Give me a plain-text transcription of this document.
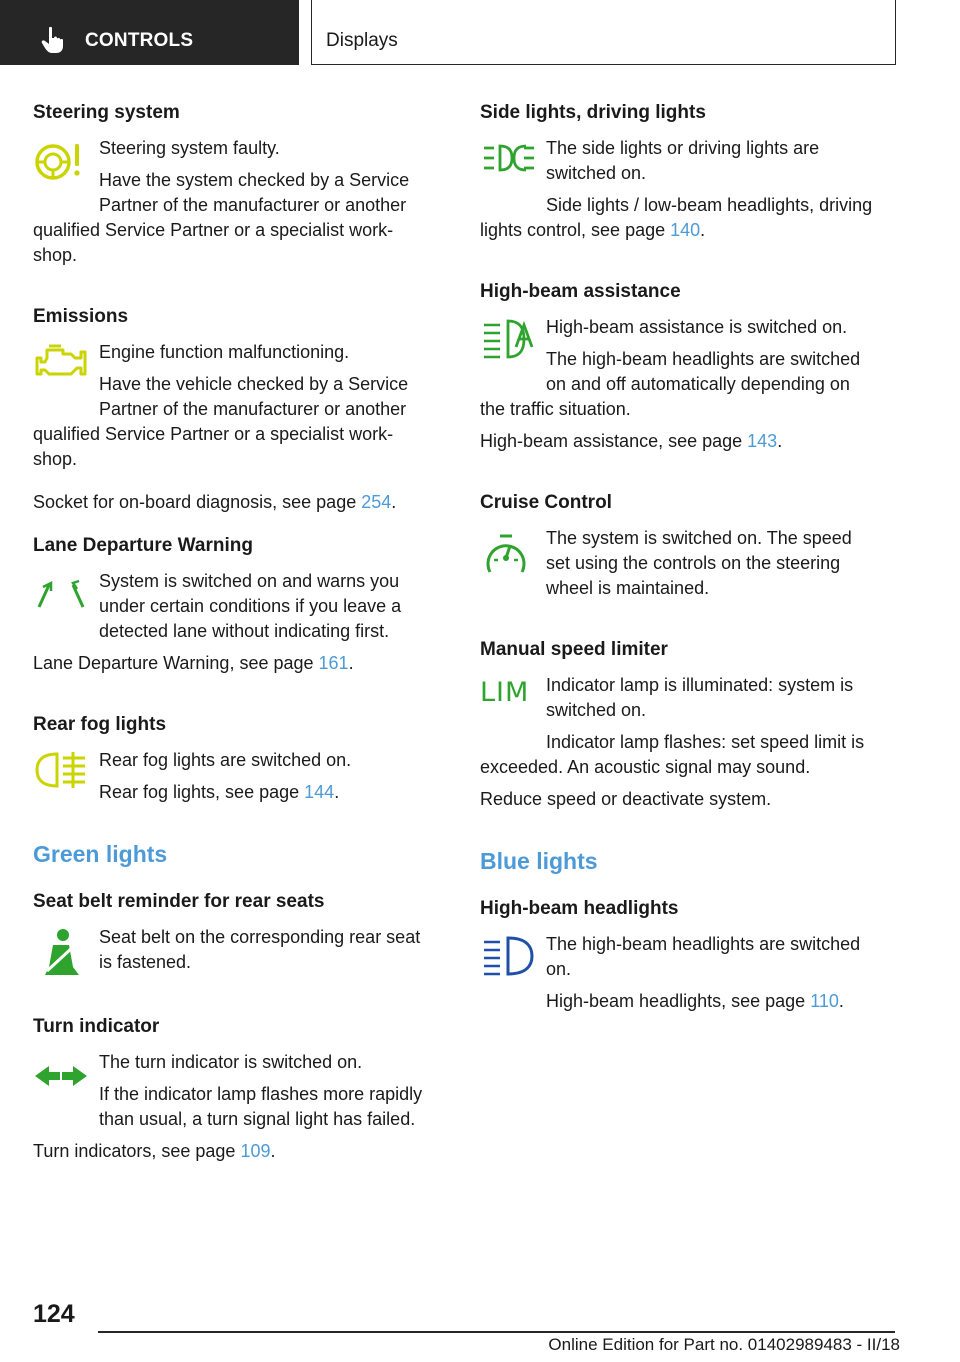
CONTROLS	Displays
Steering system

Steering system faulty.

Have the system checked by a Service

Partner of the manufacturer or another

qualified Service Partner or a specialist work-

shop.

Emissions

Engine function malfunctioning.

Have the vehicle checked by a Service

Partner of the manufacturer or another

qualified Service Partner or a specialist work-

shop.

Socket for on-board diagnosis, see page 254.

Lane Departure Warning

System is switched on and warns you

under certain conditions if you leave a

detected lane without indicating first.

Lane Departure Warning, see page 161.

Rear fog lights

Rear fog lights are switched on.

Rear fog lights, see page 144.

Green lights
Seat belt reminder for rear seats

Seat belt on the corresponding rear seat

is fastened.

Turn indicator

The turn indicator is switched on.

If the indicator lamp flashes more rapidly

than usual, a turn signal light has failed.

Turn indicators, see page 109.

Side lights, driving lights

The side lights or driving lights are

switched on.

Side lights / low-beam headlights, driving

lights control, see page 140.

High-beam assistance

High-beam assistance is switched on.

The high-beam headlights are switched

on and off automatically depending on

the traffic situation.

High-beam assistance, see page 143.

Cruise Control

The system is switched on. The speed

set using the controls on the steering

wheel is maintained.

Manual speed limiter
LIM Indicator lamp is illuminated: system is

switched on.

Indicator lamp flashes: set speed limit is

exceeded. An acoustic signal may sound.

Reduce speed or deactivate system.

Blue lights
High-beam headlights

The high-beam headlights are switched

on.

High-beam headlights, see page 110.

124
Online Edition for Part no. 01402989483 - II/18
